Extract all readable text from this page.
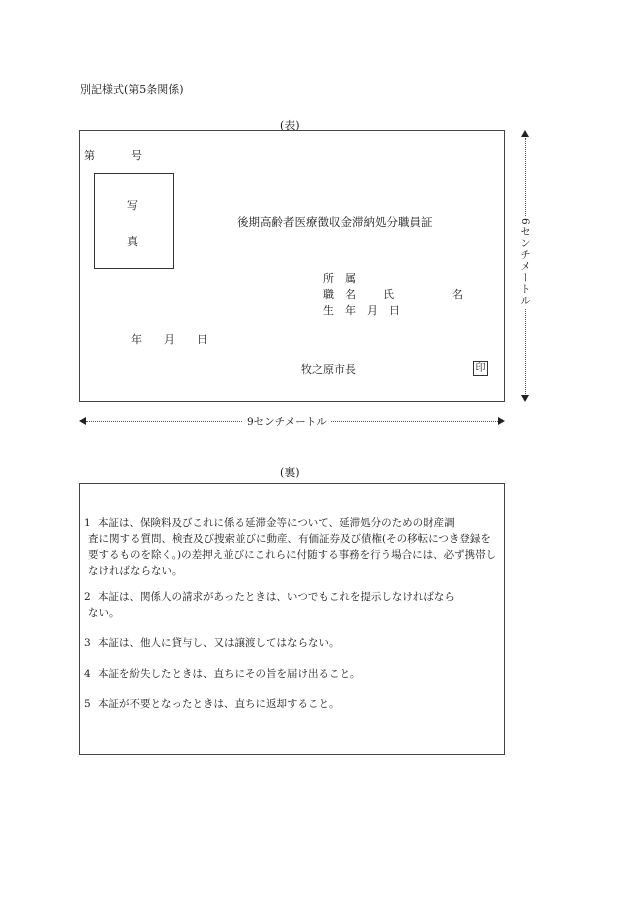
別記様式(第5条関係)
(表)
第	号
写
真
後期高齢者医療徴収金滞納処分職員証
所　属
職　名 氏	名
生　年　月　日
年　　月　　日
牧之原市長	印
6センチメートル
9センチメートル
(裏)
1 本証は、保険料及びこれに係る延滞金等について、延滞処分のための財産調
査に関する質問、検査及び捜索並びに動産、有価証券及び債権(その移転につき登録を要するものを除く。)の差押え並びにこれらに付随する事務を行う場合には、必ず携帯しなければならない。
2 本証は、関係人の請求があったときは、いつでもこれを提示しなければなら
ない。
3 本証は、他人に貸与し、又は譲渡してはならない。
4 本証を紛失したときは、直ちにその旨を届け出ること。
5 本証が不要となったときは、直ちに返却すること。
